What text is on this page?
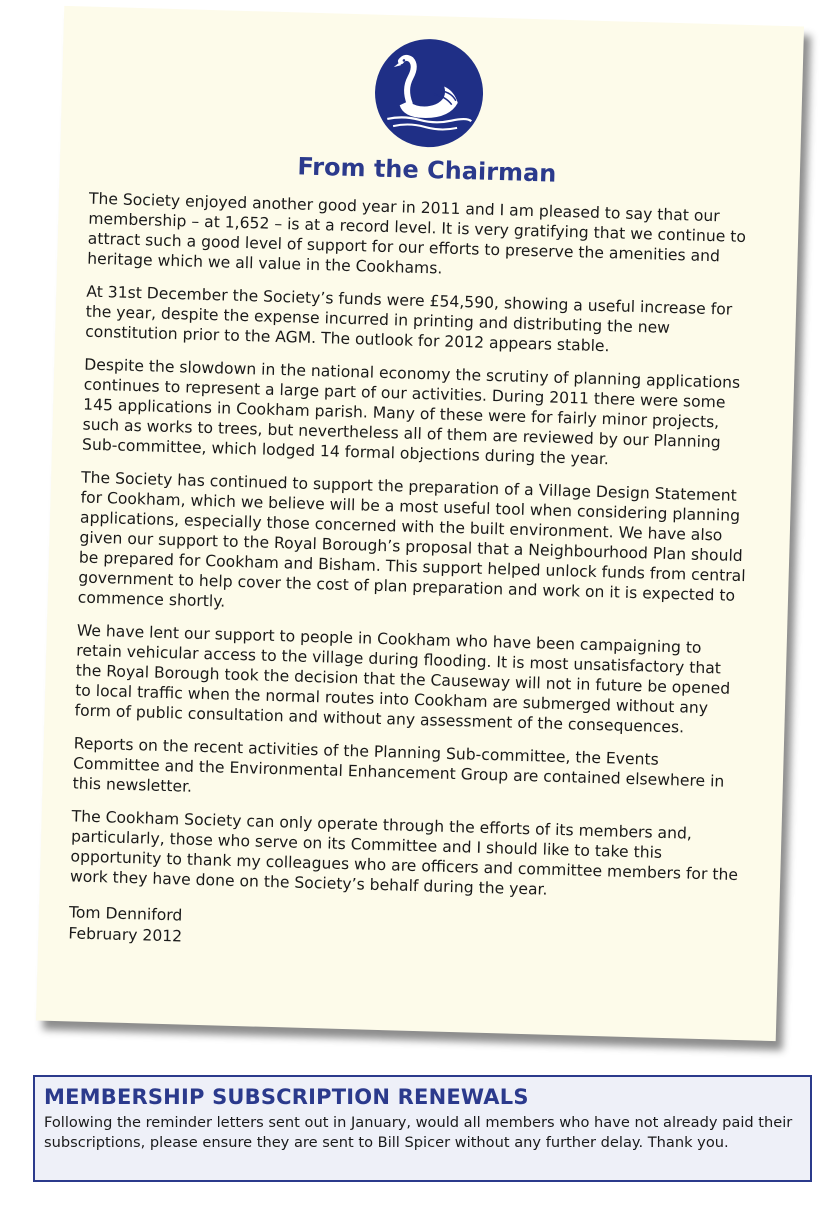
From the Chairman

The Society enjoyed another good year in 2011 and I am pleased to say that our membership – at 1,652 – is at a record level. It is very gratifying that we continue to attract such a good level of support for our efforts to preserve the amenities and heritage which we all value in the Cookhams.

At 31st December the Society’s funds were £54,590, showing a useful increase for the year, despite the expense incurred in printing and distributing the new constitution prior to the AGM. The outlook for 2012 appears stable.

Despite the slowdown in the national economy the scrutiny of planning applications continues to represent a large part of our activities. During 2011 there were some 145 applications in Cookham parish. Many of these were for fairly minor projects, such as works to trees, but nevertheless all of them are reviewed by our Planning Sub-committee, which lodged 14 formal objections during the year.

The Society has continued to support the preparation of a Village Design Statement for Cookham, which we believe will be a most useful tool when considering planning applications, especially those concerned with the built environment. We have also given our support to the Royal Borough’s proposal that a Neighbourhood Plan should be prepared for Cookham and Bisham. This support helped unlock funds from central government to help cover the cost of plan preparation and work on it is expected to commence shortly.

We have lent our support to people in Cookham who have been campaigning to retain vehicular access to the village during flooding. It is most unsatisfactory that the Royal Borough took the decision that the Causeway will not in future be opened to local traffic when the normal routes into Cookham are submerged without any form of public consultation and without any assessment of the consequences.

Reports on the recent activities of the Planning Sub-committee, the Events Committee and the Environmental Enhancement Group are contained elsewhere in this newsletter.

The Cookham Society can only operate through the efforts of its members and, particularly, those who serve on its Committee and I should like to take this opportunity to thank my colleagues who are officers and committee members for the work they have done on the Society’s behalf during the year.

Tom Denniford
February 2012
MEMBERSHIP SUBSCRIPTION RENEWALS

Following the reminder letters sent out in January, would all members who have not already paid their subscriptions, please ensure they are sent to Bill Spicer without any further delay. Thank you.
